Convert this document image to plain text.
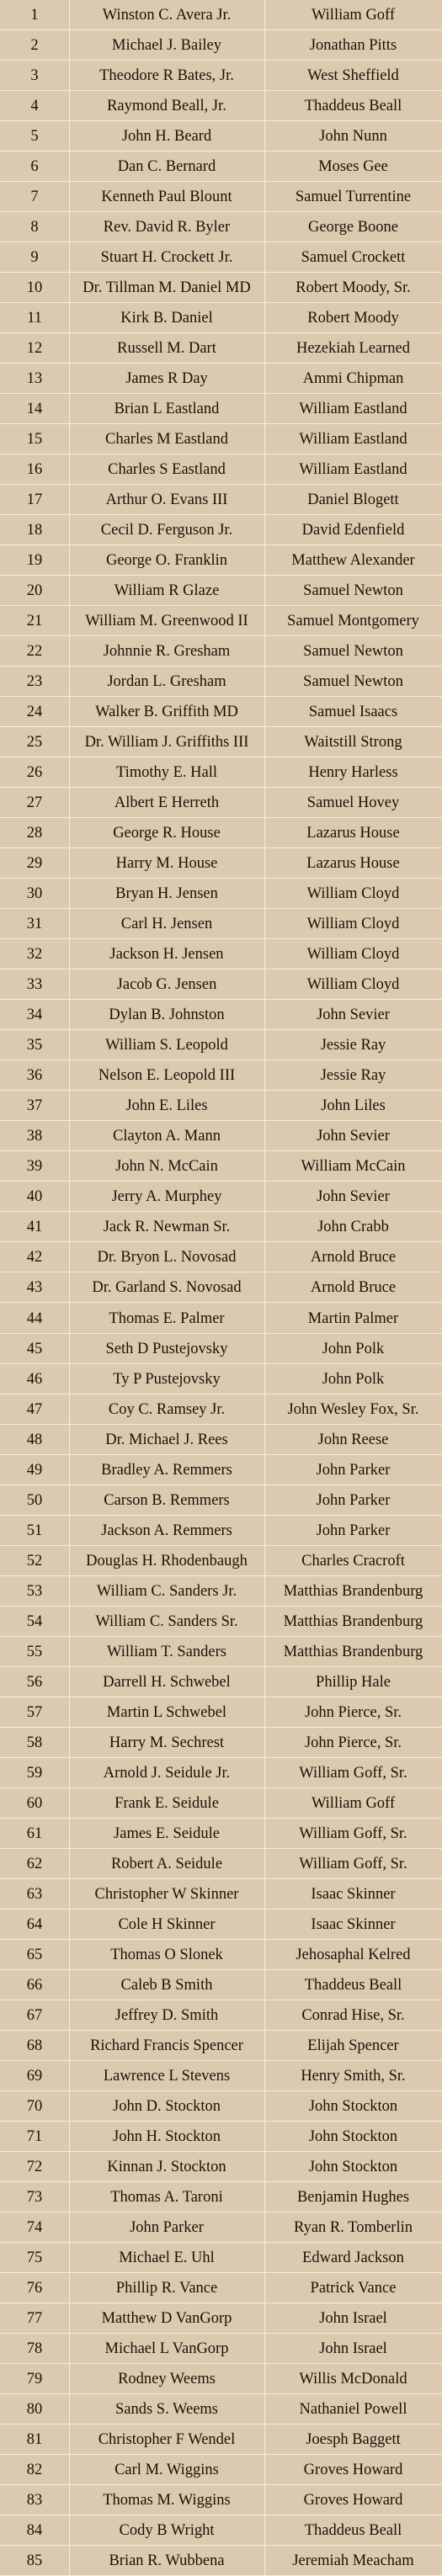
1	Winston C. Avera Jr.	William Goff
2	Michael J. Bailey	Jonathan Pitts
3	Theodore R Bates, Jr.	West Sheffield
4	Raymond Beall, Jr.	Thaddeus Beall
5	John H. Beard	John Nunn
6	Dan C. Bernard	Moses Gee
7	Kenneth Paul Blount	Samuel Turrentine
8	Rev. David R. Byler	George Boone
9	Stuart H. Crockett Jr.	Samuel Crockett
10	Dr. Tillman M. Daniel MD	Robert Moody, Sr.
11	Kirk B. Daniel	Robert Moody
12	Russell M. Dart	Hezekiah Learned
13	James R Day	Ammi Chipman
14	Brian L Eastland	William Eastland
15	Charles M Eastland	William Eastland
16	Charles S Eastland	William Eastland
17	Arthur O. Evans III	Daniel Blogett
18	Cecil D. Ferguson Jr.	David Edenfield
19	George O. Franklin	Matthew Alexander
20	William R Glaze	Samuel Newton
21	William M. Greenwood II	Samuel Montgomery
22	Johnnie R. Gresham	Samuel Newton
23	Jordan L. Gresham	Samuel Newton
24	Walker B. Griffith MD	Samuel Isaacs
25	Dr. William J. Griffiths III	Waitstill Strong
26	Timothy E. Hall	Henry Harless
27	Albert E Herreth	Samuel Hovey
28	George R. House	Lazarus House
29	Harry M. House	Lazarus House
30	Bryan H. Jensen	William Cloyd
31	Carl H. Jensen	William Cloyd
32	Jackson H. Jensen	William Cloyd
33	Jacob G. Jensen	William Cloyd
34	Dylan B. Johnston	John Sevier
35	William S. Leopold	Jessie Ray
36	Nelson E. Leopold III	Jessie Ray
37	John E. Liles	John Liles
38	Clayton A. Mann	John Sevier
39	John N. McCain	William McCain
40	Jerry A. Murphey	John Sevier
41	Jack R. Newman Sr.	John Crabb
42	Dr. Bryon L. Novosad	Arnold Bruce
43	Dr. Garland S. Novosad	Arnold Bruce
44	Thomas E. Palmer	Martin Palmer
45	Seth D Pustejovsky	John Polk
46	Ty P Pustejovsky	John Polk
47	Coy C. Ramsey Jr.	John Wesley Fox, Sr.
48	Dr. Michael J. Rees	John Reese
49	Bradley A. Remmers	John Parker
50	Carson B. Remmers	John Parker
51	Jackson A. Remmers	John Parker
52	Douglas H. Rhodenbaugh	Charles Cracroft
53	William C. Sanders Jr.	Matthias Brandenburg
54	William C. Sanders Sr.	Matthias Brandenburg
55	William T. Sanders	Matthias Brandenburg
56	Darrell H. Schwebel	Phillip Hale
57	Martin L Schwebel	John Pierce, Sr.
58	Harry M. Sechrest	John Pierce, Sr.
59	Arnold J. Seidule Jr.	William Goff, Sr.
60	Frank E. Seidule	William Goff
61	James E. Seidule	William Goff, Sr.
62	Robert A. Seidule	William Goff, Sr.
63	Christopher W Skinner	Isaac Skinner
64	Cole H Skinner	Isaac Skinner
65	Thomas O Slonek	Jehosaphal Kelred
66	Caleb B Smith	Thaddeus Beall
67	Jeffrey D. Smith	Conrad Hise, Sr.
68	Richard Francis Spencer	Elijah Spencer
69	Lawrence L Stevens	Henry Smith, Sr.
70	John D. Stockton	John Stockton
71	John H. Stockton	John Stockton
72	Kinnan J. Stockton	John Stockton
73	Thomas A. Taroni	Benjamin Hughes
74	John Parker	Ryan R. Tomberlin
75	Michael E. Uhl	Edward Jackson
76	Phillip R. Vance	Patrick Vance
77	Matthew D VanGorp	John Israel
78	Michael L VanGorp	John Israel
79	Rodney Weems	Willis McDonald
80	Sands S. Weems	Nathaniel Powell
81	Christopher F Wendel	Joesph Baggett
82	Carl M. Wiggins	Groves Howard
83	Thomas M. Wiggins	Groves Howard
84	Cody B Wright	Thaddeus Beall
85	Brian R. Wubbena	Jeremiah Meacham
